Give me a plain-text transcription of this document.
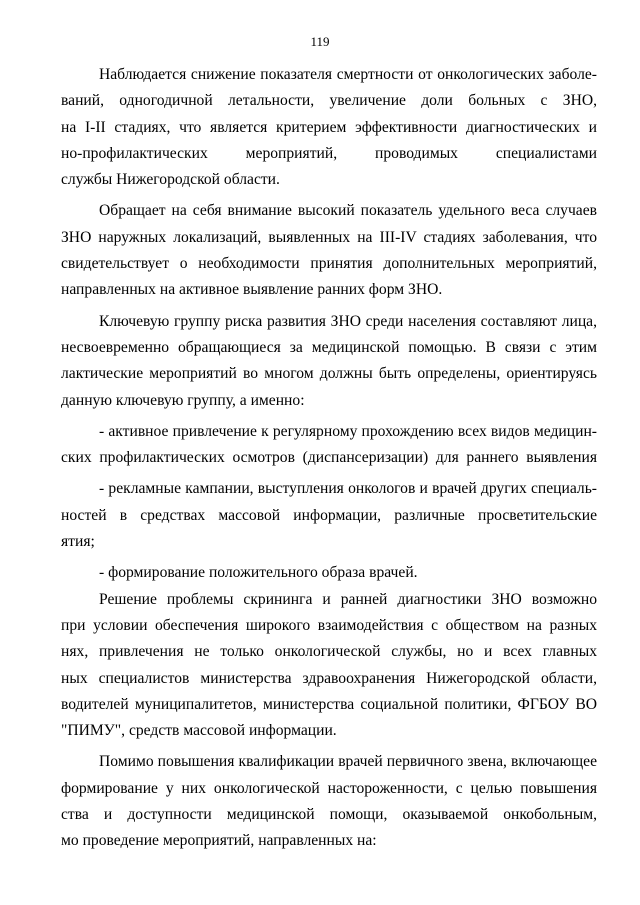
119
Наблюдается снижение показателя смертности от онкологических заболе-
ваний, одногодичной летальности, увеличение доли больных с ЗНО,
на I-II стадиях, что является критерием эффективности диагностических и
но-профилактических мероприятий, проводимых специалистами
службы Нижегородской области.
Обращает на себя внимание высокий показатель удельного веса случаев
ЗНО наружных локализаций, выявленных на III-IV стадиях заболевания, что
свидетельствует о необходимости принятия дополнительных мероприятий,
направленных на активное выявление ранних форм ЗНО.
Ключевую группу риска развития ЗНО среди населения составляют лица,
несвоевременно обращающиеся за медицинской помощью. В связи с этим
лактические мероприятий во многом должны быть определены, ориентируясь
данную ключевую группу, а именно:
- активное привлечение к регулярному прохождению всех видов медицин-
ских профилактических осмотров (диспансеризации) для раннего выявления
- рекламные кампании, выступления онкологов и врачей других специаль-
ностей в средствах массовой информации, различные просветительские
ятия;
- формирование положительного образа врачей.
Решение проблемы скрининга и ранней диагностики ЗНО возможно
при условии обеспечения широкого взаимодействия с обществом на разных
нях, привлечения не только онкологической службы, но и всех главных
ных специалистов министерства здравоохранения Нижегородской области,
водителей муниципалитетов, министерства социальной политики, ФГБОУ ВО
"ПИМУ", средств массовой информации.
Помимо повышения квалификации врачей первичного звена, включающее
формирование у них онкологической настороженности, с целью повышения
ства и доступности медицинской помощи, оказываемой онкобольным,
мо проведение мероприятий, направленных на:
